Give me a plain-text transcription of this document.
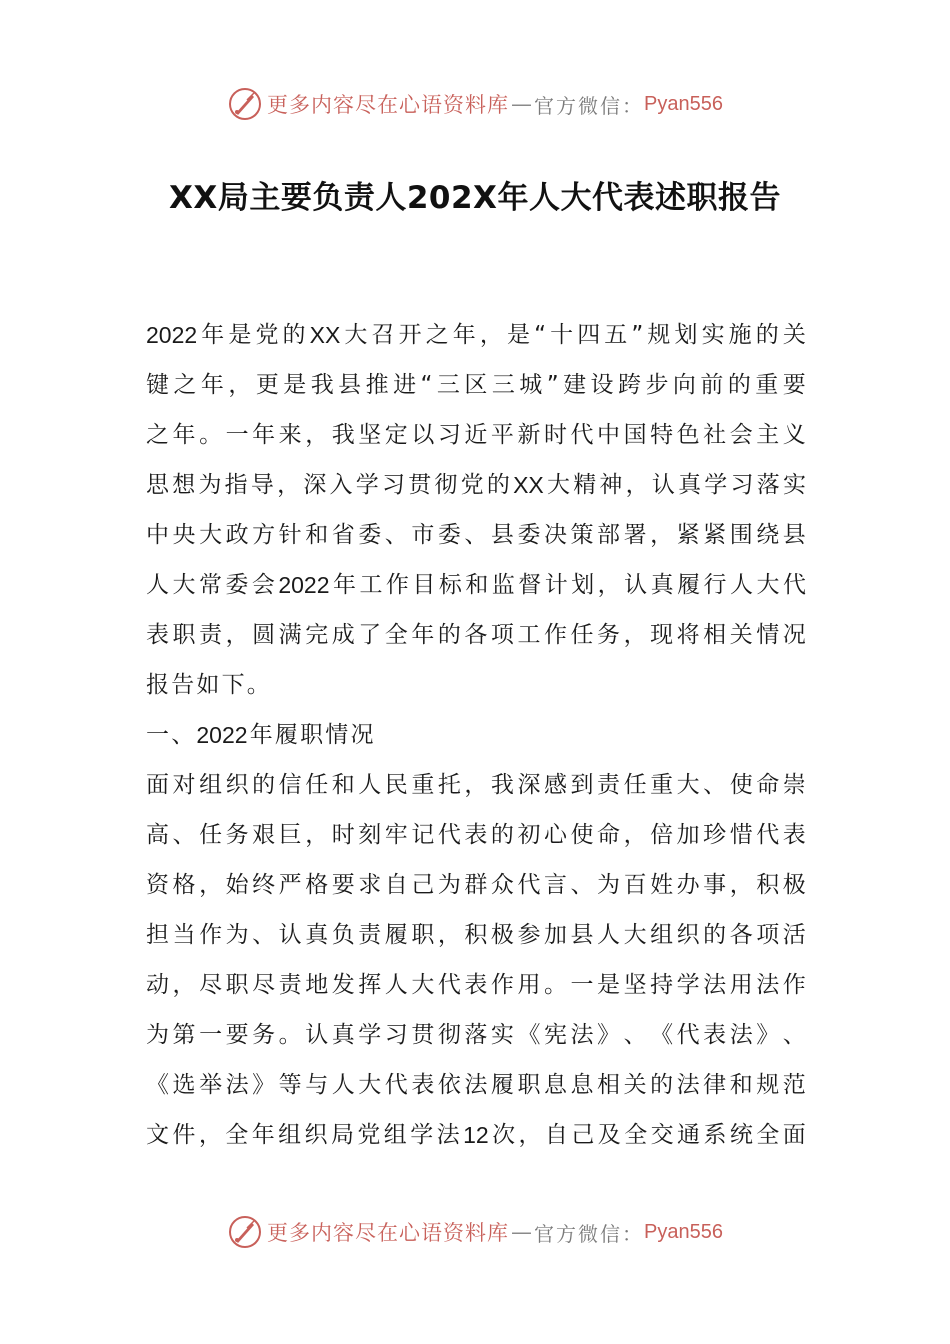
更多内容尽在心语资料库 — 官方微信： Pyan556
XX局主要负责人202X年人大代表述职报告
2022 年 是 党 的 XX 大 召 开 之 年 ， 是 “ 十 四 五 ” 规 划 实 施 的 关
键 之 年 ， 更 是 我 县 推 进 “ 三 区 三 城 ” 建 设 跨 步 向 前 的 重 要
之 年 。 一 年 来 ， 我 坚 定 以 习 近 平 新 时 代 中 国 特 色 社 会 主 义
思 想 为 指 导 ， 深 入 学 习 贯 彻 党 的 XX 大 精 神 ， 认 真 学 习 落 实
中 央 大 政 方 针 和 省 委 、 市 委 、 县 委 决 策 部 署 ， 紧 紧 围 绕 县
人 大 常 委 会 2022 年 工 作 目 标 和 监 督 计 划 ， 认 真 履 行 人 大 代
表 职 责 ， 圆 满 完 成 了 全 年 的 各 项 工 作 任 务 ， 现 将 相 关 情 况
报 告 如 下 。
一 、 2022 年 履 职 情 况
面 对 组 织 的 信 任 和 人 民 重 托 ， 我 深 感 到 责 任 重 大 、 使 命 崇
高 、 任 务 艰 巨 ， 时 刻 牢 记 代 表 的 初 心 使 命 ， 倍 加 珍 惜 代 表
资 格 ， 始 终 严 格 要 求 自 己 为 群 众 代 言 、 为 百 姓 办 事 ， 积 极
担 当 作 为 、 认 真 负 责 履 职 ， 积 极 参 加 县 人 大 组 织 的 各 项 活
动 ， 尽 职 尽 责 地 发 挥 人 大 代 表 作 用 。 一 是 坚 持 学 法 用 法 作
为 第 一 要 务 。 认 真 学 习 贯 彻 落 实 《 宪 法 》 、 《 代 表 法 》 、
《 选 举 法 》 等 与 人 大 代 表 依 法 履 职 息 息 相 关 的 法 律 和 规 范
文 件 ， 全 年 组 织 局 党 组 学 法 12 次 ， 自 己 及 全 交 通 系 统 全 面
更多内容尽在心语资料库 — 官方微信： Pyan556
